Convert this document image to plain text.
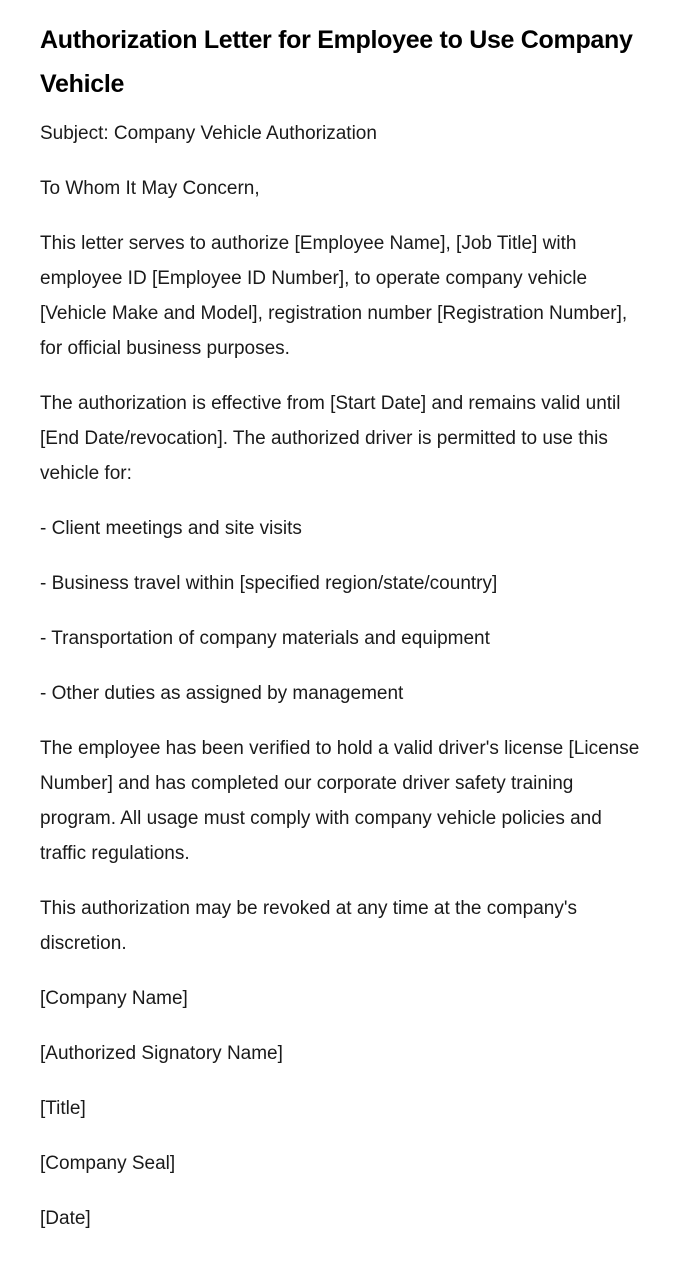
Authorization Letter for Employee to Use Company Vehicle

Subject: Company Vehicle Authorization

To Whom It May Concern,

This letter serves to authorize [Employee Name], [Job Title] with employee ID [Employee ID Number], to operate company vehicle [Vehicle Make and Model], registration number [Registration Number], for official business purposes.

The authorization is effective from [Start Date] and remains valid until [End Date/revocation]. The authorized driver is permitted to use this vehicle for:

- Client meetings and site visits

- Business travel within [specified region/state/country]

- Transportation of company materials and equipment

- Other duties as assigned by management

The employee has been verified to hold a valid driver's license [License Number] and has completed our corporate driver safety training program. All usage must comply with company vehicle policies and traffic regulations.

This authorization may be revoked at any time at the company's discretion.

[Company Name]

[Authorized Signatory Name]

[Title]

[Company Seal]

[Date]
